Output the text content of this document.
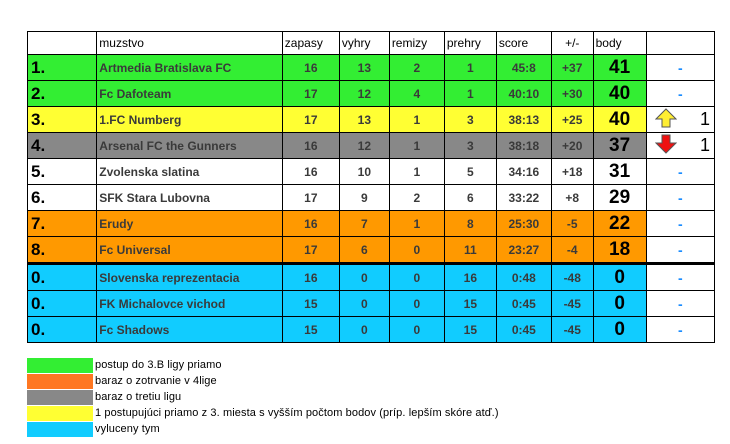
	muzstvo	zapasy	vyhry	remizy	prehry	score	+/-	body	
1.	Artmedia Bratislava FC	16	13	2	1	45:8	+37	41	-
2.	Fc Dafoteam	17	12	4	1	40:10	+30	40	-
3.	1.FC Numberg	17	13	1	3	38:13	+25	40	1

4.	Arsenal FC the Gunners	16	12	1	3	38:18	+20	37	1

5.	Zvolenska slatina	16	10	1	5	34:16	+18	31	-
6.	SFK Stara Lubovna	17	9	2	6	33:22	+8	29	-
7.	Erudy	16	7	1	8	25:30	-5	22	-
8.	Fc Universal	17	6	0	11	23:27	-4	18	-
0.	Slovenska reprezentacia	16	0	0	16	0:48	-48	0	-
0.	FK Michalovce vichod	15	0	0	15	0:45	-45	0	-
0.	Fc Shadows	15	0	0	15	0:45	-45	0	-
postup do 3.B ligy priamo
baraz o zotrvanie v 4lige
baraz o tretiu ligu
1 postupujúci priamo z 3. miesta s vyšším počtom bodov (príp. lepším skóre atď.)
vyluceny tym
